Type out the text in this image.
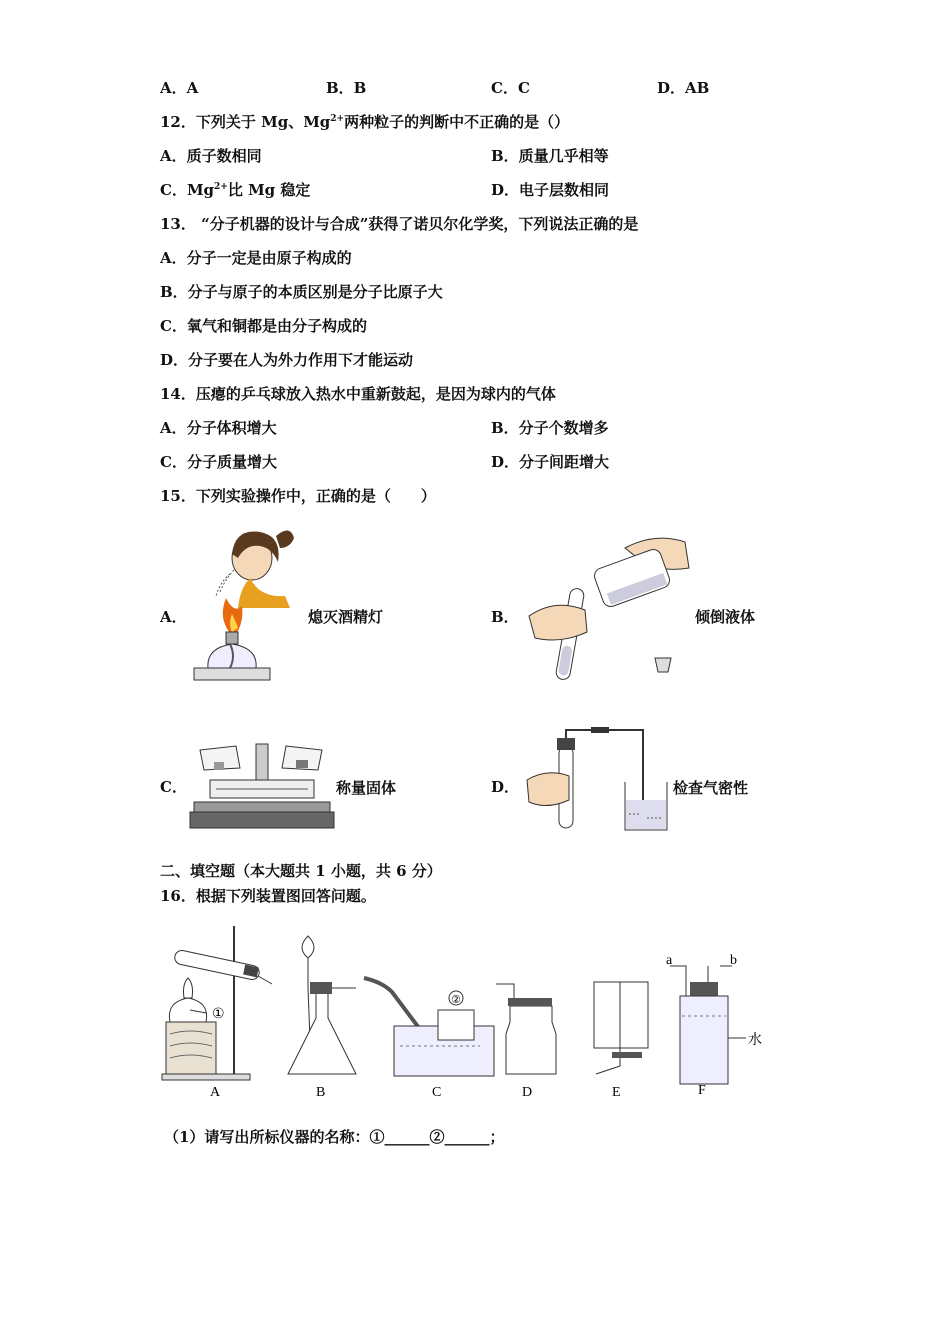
A．A	B．B	C．C	D．AB
12．下列关于 Mg、$Mg^{2+}$两种粒子的判断中不正确的是（）
A．质子数相同	B．质量几乎相等
C．$Mg^{2+}$比 Mg 稳定	D．电子层数相同
13． “分子机器的设计与合成”获得了诺贝尔化学奖，下列说法正确的是
A．分子一定是由原子构成的
B．分子与原子的本质区别是分子比原子大
C．氧气和铜都是由分子构成的
D．分子要在人为外力作用下才能运动
14．压瘪的乒乓球放入热水中重新鼓起，是因为球内的气体
A．分子体积增大	B．分子个数增多
C．分子质量增大	D．分子间距增大
15．下列实验操作中，正确的是（　　）
A．	熄灭酒精灯	B．	倾倒液体
C．	称量固体	D．	检查气密性
二、填空题（本大题共 1 小题，共 6 分）
16．根据下列装置图回答问题。
①
②
C
a	b
水
A	B	D	E	F
（1）请写出所标仪器的名称：①______②______；
